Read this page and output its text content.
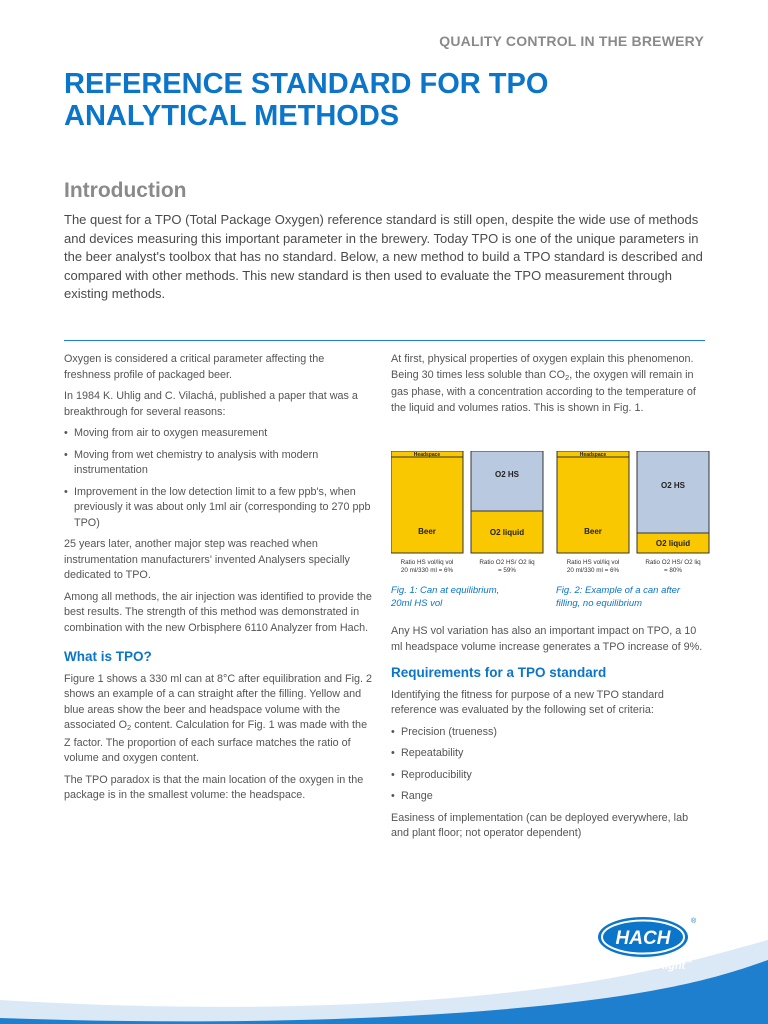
QUALITY CONTROL IN THE BREWERY
REFERENCE STANDARD FOR TPO
ANALYTICAL METHODS
Introduction

The quest for a TPO (Total Package Oxygen) reference standard is still open, despite the wide use of methods and devices measuring this important parameter in the brewery. Today TPO is one of the unique parameters in the beer analyst's toolbox that has no standard. Below, a new method to build a TPO standard is described and compared with other methods. This new standard is then used to evaluate the TPO measurement through existing methods.

Oxygen is considered a critical parameter affecting the freshness profile of packaged beer.

In 1984 K. Uhlig and C. Vilachá, published a paper that was a breakthrough for several reasons:

• Moving from air to oxygen measurement
• Moving from wet chemistry to analysis with modern instrumentation
• Improvement in the low detection limit to a few ppb's, when previously it was about only 1ml air (corresponding to 270 ppb TPO)

25 years later, another major step was reached when instrumentation manufacturers' invented Analysers specially dedicated to TPO.

Among all methods, the air injection was identified to provide the best results. The strength of this method was demonstrated in combination with the new Orbisphere 6110 Analyzer from Hach.

What is TPO?

Figure 1 shows a 330 ml can at 8°C after equilibration and Fig. 2 shows an example of a can straight after the filling. Yellow and blue areas show the beer and headspace volume with the associated $O_2$ content. Calculation for Fig. 1 was made with the Z factor. The proportion of each surface matches the ratio of volume and oxygen content.

The TPO paradox is that the main location of the oxygen in the package is in the smallest volume: the headspace.

At first, physical properties of oxygen explain this phenomenon. Being 30 times less soluble than $CO_2$, the oxygen will remain in gas phase, with a concentration according to the temperature of the liquid and volumes ratios. This is shown in Fig. 1.

Headspace
Beer
O2 HS
O2 liquid
Ratio HS vol/liq vol
20 ml/330 ml = 6%
Ratio O2 HS/ O2 liq
= 59%
Headspace
Beer
O2 HS
O2 liquid
Ratio HS vol/liq vol
20 ml/330 ml = 6%
Ratio O2 HS/ O2 liq
= 80%
Fig. 1: Can at equilibrium,
20ml HS vol
Fig. 2: Example of a can after
filling, no equilibrium

Any HS vol variation has also an important impact on TPO, a 10 ml headspace volume increase generates a TPO increase of 9%.

Requirements for a TPO standard

Identifying the fitness for purpose of a new TPO standard reference was evaluated by the following set of criteria:

• Precision (trueness)
• Repeatability
• Reproducibility
• Range

Easiness of implementation (can be deployed everywhere, lab and plant floor; not operator dependent)

HACH
®
Be Right™
